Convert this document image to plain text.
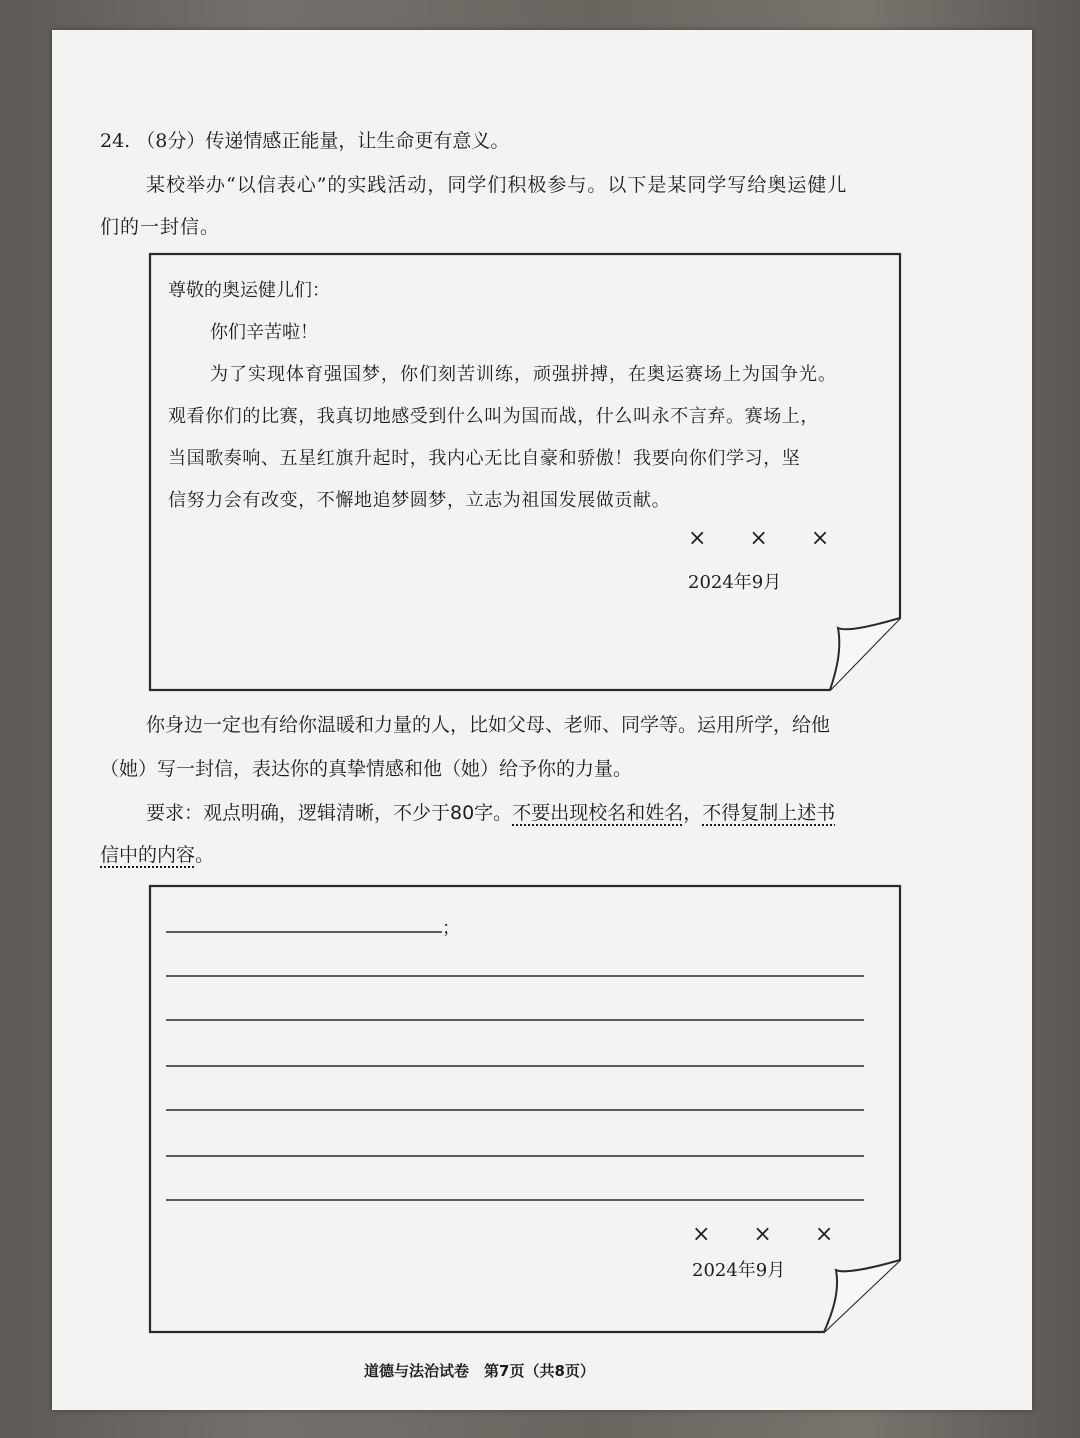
24. （8分）传递情感正能量，让生命更有意义。
某校举办“以信表心”的实践活动，同学们积极参与。以下是某同学写给奥运健儿
们的一封信。
尊敬的奥运健儿们：
你们辛苦啦！
为了实现体育强国梦，你们刻苦训练，顽强拼搏，在奥运赛场上为国争光。
观看你们的比赛，我真切地感受到什么叫为国而战，什么叫永不言弃。赛场上，
当国歌奏响、五星红旗升起时，我内心无比自豪和骄傲！我要向你们学习，坚
信努力会有改变，不懈地追梦圆梦，立志为祖国发展做贡献。
× × ×
2024年9月
你身边一定也有给你温暖和力量的人，比如父母、老师、同学等。运用所学，给他
（她）写一封信，表达你的真挚情感和他（她）给予你的力量。
要求：观点明确，逻辑清晰，不少于80字。不要出现校名和姓名，不得复制上述书
信中的内容。
；
× × ×
2024年9月
道德与法治试卷　第7页（共8页）
